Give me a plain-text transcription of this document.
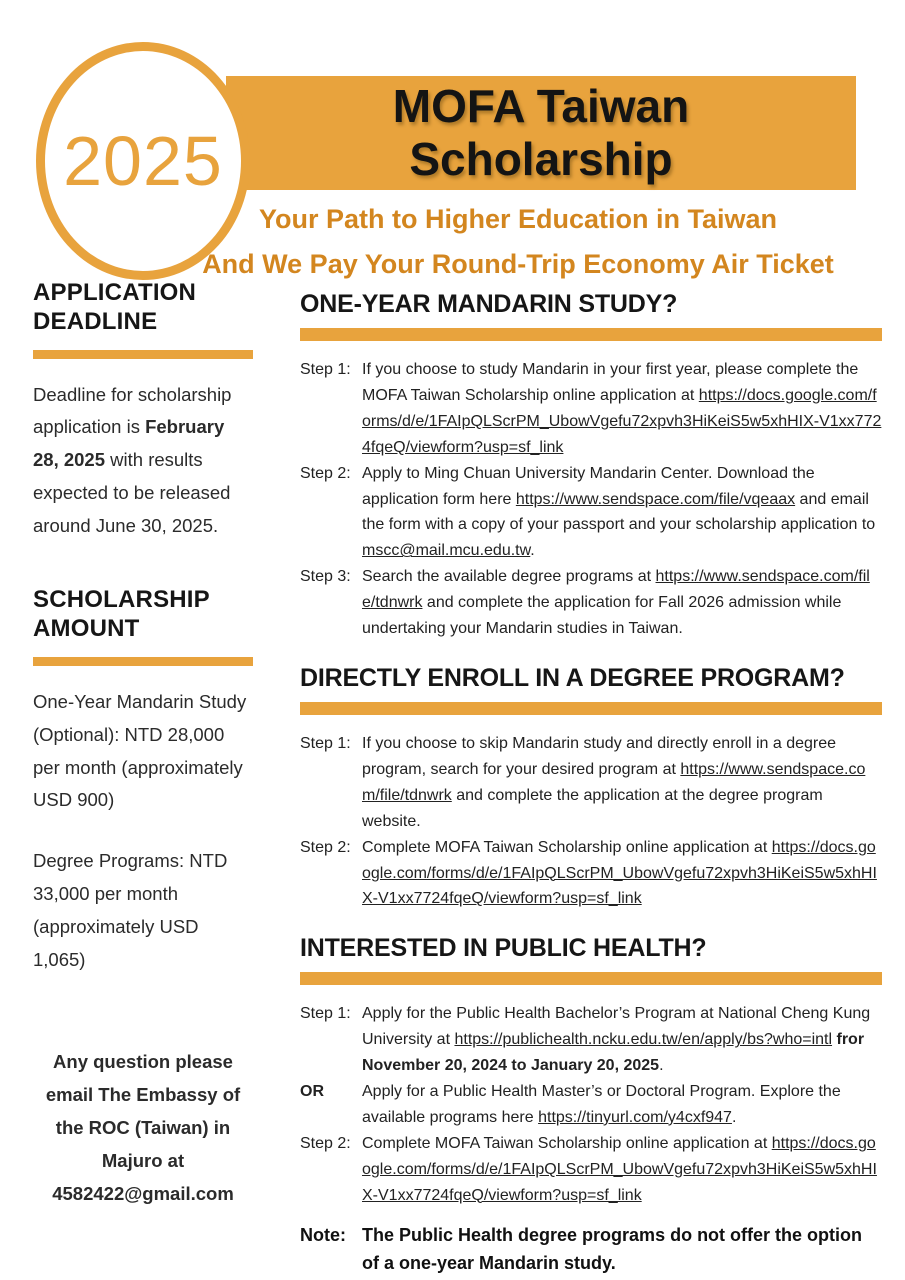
2025
MOFA Taiwan
Scholarship
Your Path to Higher Education in Taiwan
And We Pay Your Round-Trip Economy Air Ticket
APPLICATION
DEADLINE

Deadline for scholarship application is February 28, 2025 with results expected to be released around June 30, 2025.

SCHOLARSHIP
AMOUNT

One-Year Mandarin Study (Optional): NTD 28,000 per month (approximately USD 900)

Degree Programs: NTD 33,000 per month (approximately USD 1,065)

Any question please email The Embassy of the ROC (Taiwan) in Majuro at 4582422@gmail.com

ONE-YEAR MANDARIN STUDY?
Step 1: If you choose to study Mandarin in your first year, please complete the MOFA Taiwan Scholarship online application at https://docs.google.com/forms/d/e/1FAIpQLScrPM_UbowVgefu72xpvh3HiKeiS5w5xhHIX-V1xx7724fqeQ/viewform?usp=sf_link
Step 2: Apply to Ming Chuan University Mandarin Center. Download the application form here https://www.sendspace.com/file/vqeaax and email the form with a copy of your passport and your scholarship application to mscc@mail.mcu.edu.tw.
Step 3: Search the available degree programs at https://www.sendspace.com/file/tdnwrk and complete the application for Fall 2026 admission while undertaking your Mandarin studies in Taiwan.
DIRECTLY ENROLL IN A DEGREE PROGRAM?
Step 1: If you choose to skip Mandarin study and directly enroll in a degree program, search for your desired program at https://www.sendspace.com/file/tdnwrk and complete the application at the degree program website.
Step 2: Complete MOFA Taiwan Scholarship online application at https://docs.google.com/forms/d/e/1FAIpQLScrPM_UbowVgefu72xpvh3HiKeiS5w5xhHIX-V1xx7724fqeQ/viewform?usp=sf_link
INTERESTED IN PUBLIC HEALTH?
Step 1: Apply for the Public Health Bachelor’s Program at National Cheng Kung University at https://publichealth.ncku.edu.tw/en/apply/bs?who=intl fror November 20, 2024 to January 20, 2025.
OR	Apply for a Public Health Master’s or Doctoral Program. Explore the available programs here https://tinyurl.com/y4cxf947.
Step 2: Complete MOFA Taiwan Scholarship online application at https://docs.google.com/forms/d/e/1FAIpQLScrPM_UbowVgefu72xpvh3HiKeiS5w5xhHIX-V1xx7724fqeQ/viewform?usp=sf_link
Note: The Public Health degree programs do not offer the option of a one-year Mandarin study.
